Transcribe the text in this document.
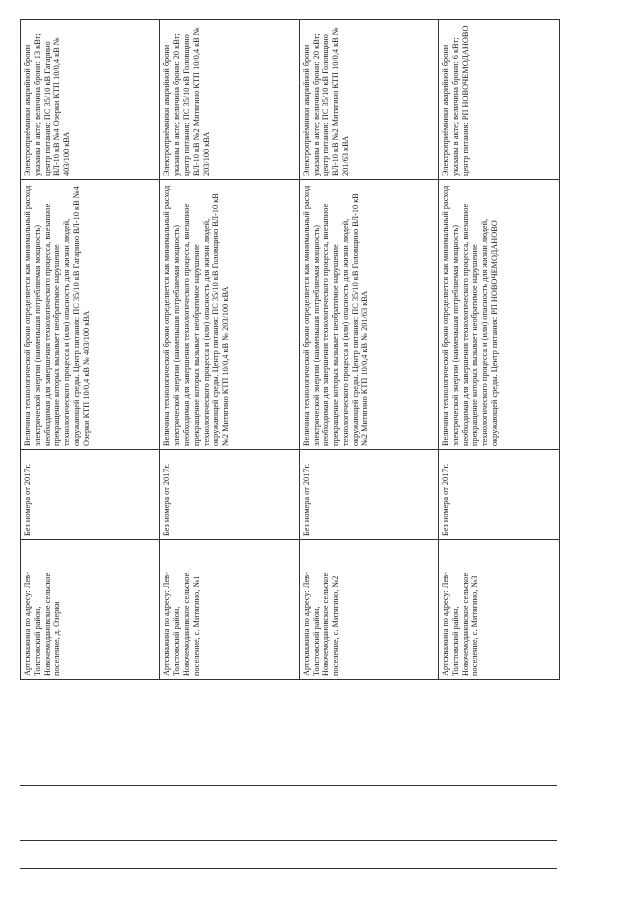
Артскважина по адресу: Лев-Толстовский район, Новочемодановское сельское поселение, д. Озерки	Без номера от 2017г.	Величина технологической брони определяется как минимальный расход электрической энергии (наименьшая потребляемая мощность) необходимая для завершения технологического процесса, внезапное прекращение которых вызывает необратимое нарушение технологического процесса и (или) опасность для жизни людей, окружающей среды. Центр питания: ПС 35/10 кВ Гагарино ВЛ-10 кВ №4 Озерки КТП 10/0,4 кВ № 403/100 кВА	Электроприёмники аварийной брони указаны в акте; величина брони: 13 кВт; центр питания: ПС 35/10 кВ Гагарино ВЛ-10 кВ №4 Озерки КТП 10/0,4 кВ № 403/100 кВА
Артскважина по адресу: Лев-Толстовский район, Новочемодановское сельское поселение, с. Митягино, №1	Без номера от 2017г.	Величина технологической брони определяется как минимальный расход электрической энергии (наименьшая потребляемая мощность) необходимая для завершения технологического процесса, внезапное прекращение которых вызывает необратимое нарушение технологического процесса и (или) опасность для жизни людей, окружающей среды. Центр питания: ПС 35/10 кВ Головщино ВЛ-10 кВ №2 Митягино КТП 10/0,4 кВ № 203/100 кВА	Электроприёмники аварийной брони указаны в акте; величина брони: 20 кВт; центр питания: ПС 35/10 кВ Головщино ВЛ-10 кВ №2 Митягино КТП 10/0,4 кВ № 203/100 кВА
Артскважина по адресу: Лев-Толстовский район, Новочемодановское сельское поселение, с. Митягино, №2	Без номера от 2017г.	Величина технологической брони определяется как минимальный расход электрической энергии (наименьшая потребляемая мощность) необходимая для завершения технологического процесса, внезапное прекращение которых вызывает необратимое нарушение технологического процесса и (или) опасность для жизни людей, окружающей среды. Центр питания: ПС 35/10 кВ Головщино ВЛ-10 кВ №2 Митягино КТП 10/0,4 кВ № 201/63 кВА	Электроприёмники аварийной брони указаны в акте; величина брони: 20 кВт; центр питания: ПС 35/10 кВ Головщино ВЛ-10 кВ №2 Митягино КТП 10/0,4 кВ № 201/63 кВА
Артскважина по адресу: Лев-Толстовский район, Новочемодановское сельское поселение, с. Митягино, №3	Без номера от 2017г.	Величина технологической брони определяется как минимальный расход электрической энергии (наименьшая потребляемая мощность) необходимая для завершения технологического процесса, внезапное прекращение которых вызывает необратимое нарушение технологического процесса и (или) опасность для жизни людей, окружающей среды. Центр питания: РП НОВОЧЕМОДАНОВО	Электроприёмники аварийной брони указаны в акте; величина брони: 6 кВт; центр питания: РП НОВОЧЕМОДАНОВО
